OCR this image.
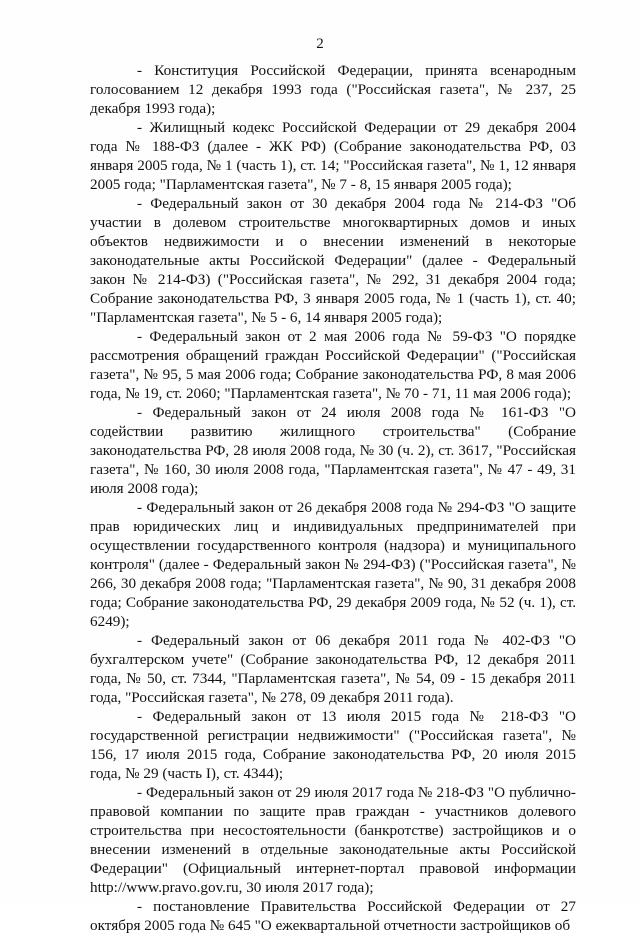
2

- Конституция Российской Федерации, принята всенародным голосованием 12 декабря 1993 года ("Российская газета", № 237, 25 декабря 1993 года);

- Жилищный кодекс Российской Федерации от 29 декабря 2004 года № 188-ФЗ (далее - ЖК РФ) (Собрание законодательства РФ, 03 января 2005 года, № 1 (часть 1), ст. 14; "Российская газета", № 1, 12 января 2005 года; "Парламентская газета", № 7 - 8, 15 января 2005 года);

- Федеральный закон от 30 декабря 2004 года № 214-ФЗ "Об участии в долевом строительстве многоквартирных домов и иных объектов недвижимости и о внесении изменений в некоторые законодательные акты Российской Федерации" (далее - Федеральный закон № 214-ФЗ) ("Российская газета", № 292, 31 декабря 2004 года; Собрание законодательства РФ, 3 января 2005 года, № 1 (часть 1), ст. 40; "Парламентская газета", № 5 - 6, 14 января 2005 года);

- Федеральный закон от 2 мая 2006 года № 59-ФЗ "О порядке рассмотрения обращений граждан Российской Федерации" ("Российская газета", № 95, 5 мая 2006 года; Собрание законодательства РФ, 8 мая 2006 года, № 19, ст. 2060; "Парламентская газета", № 70 - 71, 11 мая 2006 года);

- Федеральный закон от 24 июля 2008 года № 161-ФЗ "О содействии развитию жилищного строительства" (Собрание законодательства РФ, 28 июля 2008 года, № 30 (ч. 2), ст. 3617, "Российская газета", № 160, 30 июля 2008 года, "Парламентская газета", № 47 - 49, 31 июля 2008 года);

- Федеральный закон от 26 декабря 2008 года № 294-ФЗ "О защите прав юридических лиц и индивидуальных предпринимателей при осуществлении государственного контроля (надзора) и муниципального контроля" (далее - Федеральный закон № 294-ФЗ) ("Российская газета", № 266, 30 декабря 2008 года; "Парламентская газета", № 90, 31 декабря 2008 года; Собрание законодательства РФ, 29 декабря 2009 года, № 52 (ч. 1), ст. 6249);

- Федеральный закон от 06 декабря 2011 года № 402-ФЗ "О бухгалтерском учете" (Собрание законодательства РФ, 12 декабря 2011 года, № 50, ст. 7344, "Парламентская газета", № 54, 09 - 15 декабря 2011 года, "Российская газета", № 278, 09 декабря 2011 года).

- Федеральный закон от 13 июля 2015 года № 218-ФЗ "О государственной регистрации недвижимости" ("Российская газета", № 156, 17 июля 2015 года, Собрание законодательства РФ, 20 июля 2015 года, № 29 (часть I), ст. 4344);

- Федеральный закон от 29 июля 2017 года № 218-ФЗ "О публично-правовой компании по защите прав граждан - участников долевого строительства при несостоятельности (банкротстве) застройщиков и о внесении изменений в отдельные законодательные акты Российской Федерации" (Официальный интернет-портал правовой информации http://www.pravo.gov.ru, 30 июля 2017 года);

- постановление Правительства Российской Федерации от 27 октября 2005 года № 645 "О ежеквартальной отчетности застройщиков об
